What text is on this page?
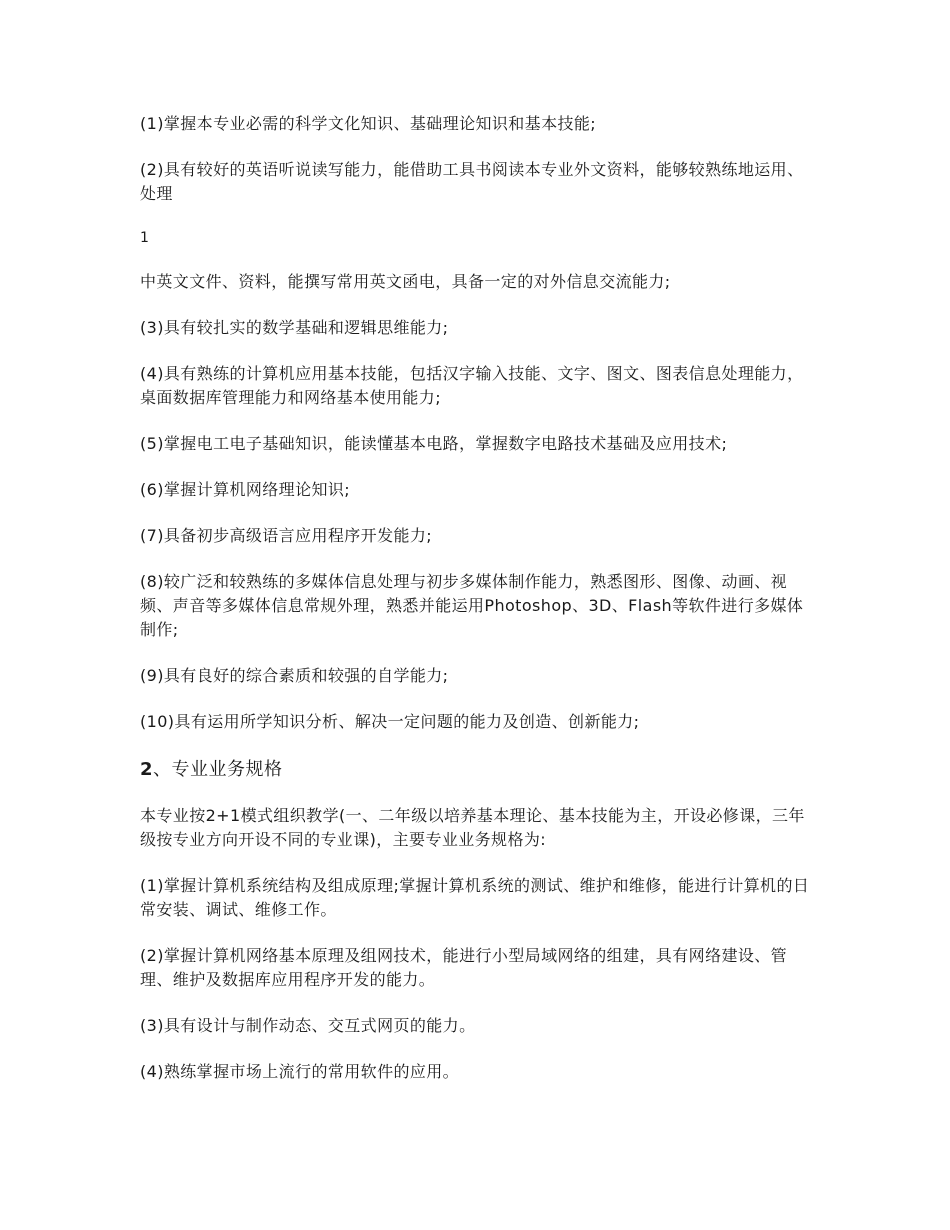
(1)掌握本专业必需的科学文化知识、基础理论知识和基本技能;

(2)具有较好的英语听说读写能力，能借助工具书阅读本专业外文资料，能够较熟练地运用、处理

1

中英文文件、资料，能撰写常用英文函电，具备一定的对外信息交流能力;

(3)具有较扎实的数学基础和逻辑思维能力;

(4)具有熟练的计算机应用基本技能，包括汉字输入技能、文字、图文、图表信息处理能力，桌面数据库管理能力和网络基本使用能力;

(5)掌握电工电子基础知识，能读懂基本电路，掌握数字电路技术基础及应用技术;

(6)掌握计算机网络理论知识;

(7)具备初步高级语言应用程序开发能力;

(8)较广泛和较熟练的多媒体信息处理与初步多媒体制作能力，熟悉图形、图像、动画、视频、声音等多媒体信息常规外理，熟悉并能运用Photoshop、3D、Flash等软件进行多媒体制作;

(9)具有良好的综合素质和较强的自学能力;

(10)具有运用所学知识分析、解决一定问题的能力及创造、创新能力;

2、专业业务规格

本专业按2+1模式组织教学(一、二年级以培养基本理论、基本技能为主，开设必修课，三年级按专业方向开设不同的专业课)，主要专业业务规格为:

(1)掌握计算机系统结构及组成原理;掌握计算机系统的测试、维护和维修，能进行计算机的日常安装、调试、维修工作。

(2)掌握计算机网络基本原理及组网技术，能进行小型局域网络的组建，具有网络建设、管理、维护及数据库应用程序开发的能力。

(3)具有设计与制作动态、交互式网页的能力。

(4)熟练掌握市场上流行的常用软件的应用。
